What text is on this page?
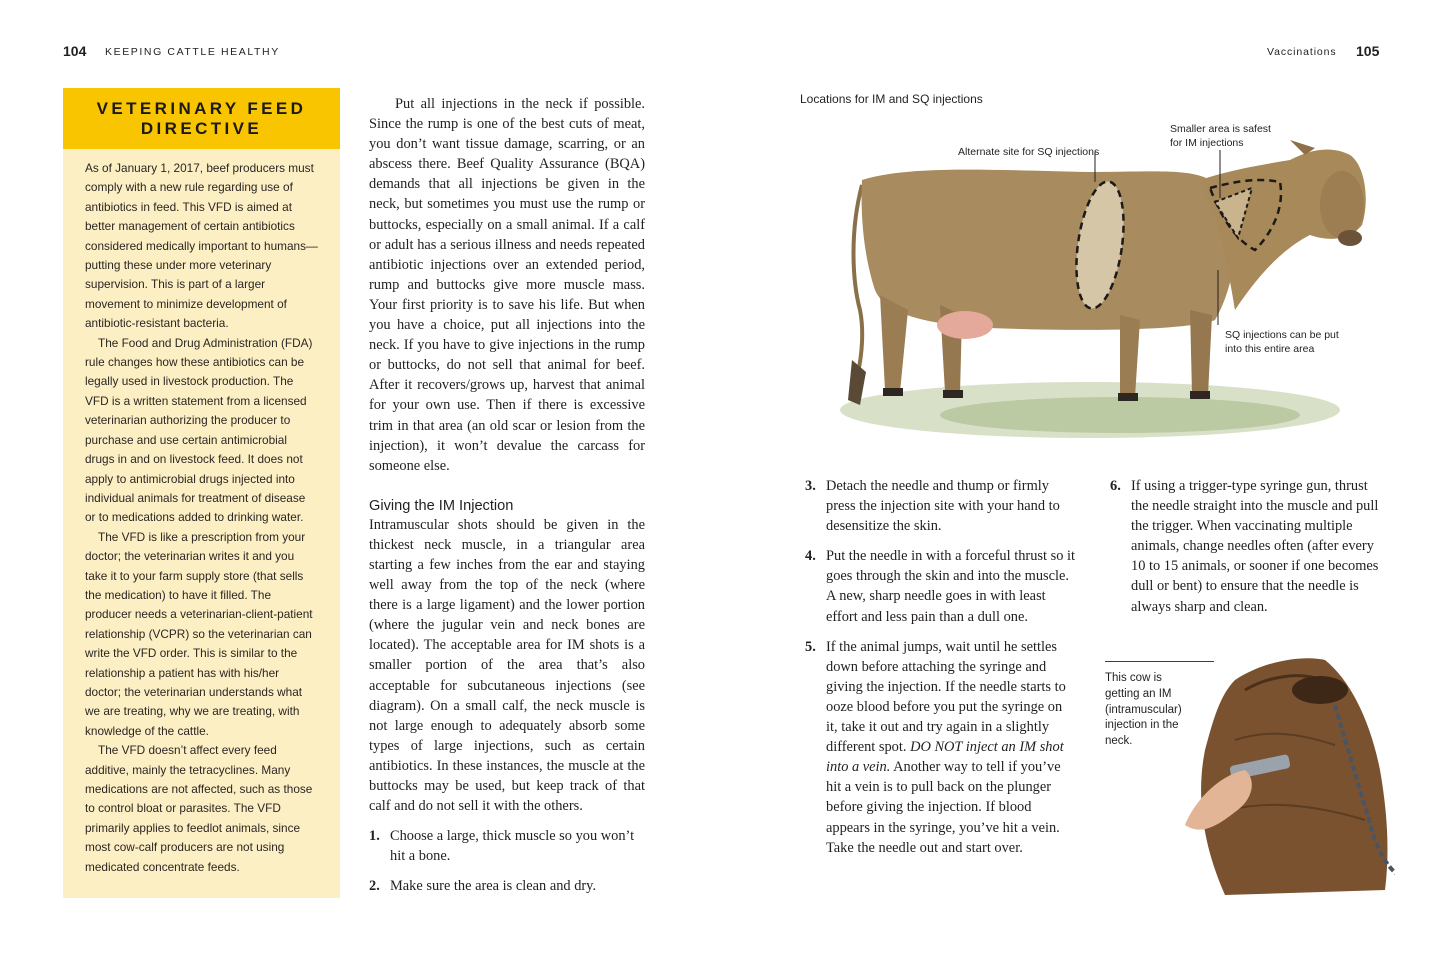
104 KEEPING CATTLE HEALTHY	Vaccinations 105
VETERINARY FEED
DIRECTIVE

As of January 1, 2017, beef producers must comply with a new rule regarding use of antibiotics in feed. This VFD is aimed at better management of certain antibiotics considered medically important to humans—putting these under more veterinary supervision. This is part of a larger movement to minimize development of antibiotic-resistant bacteria.

The Food and Drug Administration (FDA) rule changes how these antibiotics can be legally used in livestock production. The VFD is a written statement from a licensed veterinarian authorizing the producer to purchase and use certain antimicrobial drugs in and on livestock feed. It does not apply to antimicrobial drugs injected into individual animals for treatment of disease or to medications added to drinking water.

The VFD is like a prescription from your doctor; the veterinarian writes it and you take it to your farm supply store (that sells the medication) to have it filled. The producer needs a veterinarian-client-patient relationship (VCPR) so the veterinarian can write the VFD order. This is similar to the relationship a patient has with his/her doctor; the veterinarian understands what we are treating, why we are treating, with knowledge of the cattle.

The VFD doesn’t affect every feed additive, mainly the tetracyclines. Many medications are not affected, such as those to control bloat or parasites. The VFD primarily applies to feedlot animals, since most cow-calf producers are not using medicated concentrate feeds.

Put all injections in the neck if possible. Since the rump is one of the best cuts of meat, you don’t want tissue damage, scarring, or an abscess there. Beef Quality Assurance (BQA) demands that all injections be given in the neck, but sometimes you must use the rump or buttocks, especially on a small animal. If a calf or adult has a serious illness and needs repeated antibiotic injections over an extended period, rump and buttocks give more muscle mass. Your first priority is to save his life. But when you have a choice, put all injections into the neck. If you have to give injections in the rump or buttocks, do not sell that animal for beef. After it recovers/grows up, harvest that animal for your own use. Then if there is excessive trim in that area (an old scar or lesion from the injection), it won’t devalue the carcass for someone else.

Giving the IM Injection

Intramuscular shots should be given in the thickest neck muscle, in a triangular area starting a few inches from the ear and staying well away from the top of the neck (where there is a large ligament) and the lower portion (where the jugular vein and neck bones are located). The acceptable area for IM shots is a smaller portion of the area that’s also acceptable for subcutaneous injections (see diagram). On a small calf, the neck muscle is not large enough to adequately absorb some types of large injections, such as certain antibiotics. In these instances, the muscle at the buttocks may be used, but keep track of that calf and do not sell it with the others.

1. Choose a large, thick muscle so you won’t hit a bone.
2. Make sure the area is clean and dry.
Locations for IM and SQ injections
Alternate site for SQ injections
Smaller area is safest
for IM injections
SQ injections can be put
into this entire area
3. Detach the needle and thump or firmly press the injection site with your hand to desensitize the skin.
4. Put the needle in with a forceful thrust so it goes through the skin and into the muscle. A new, sharp needle goes in with least effort and less pain than a dull one.
5. If the animal jumps, wait until he settles down before attaching the syringe and giving the injection. If the needle starts to ooze blood before you put the syringe on it, take it out and try again in a slightly different spot. DO NOT inject an IM shot into a vein. Another way to tell if you’ve hit a vein is to pull back on the plunger before giving the injection. If blood appears in the syringe, you’ve hit a vein. Take the needle out and start over.
6. If using a trigger-type syringe gun, thrust the needle straight into the muscle and pull the trigger. When vaccinating multiple animals, change needles often (after every 10 to 15 animals, or sooner if one becomes dull or bent) to ensure that the needle is always sharp and clean.
This cow is
getting an IM
(intramuscular)
injection in the
neck.
